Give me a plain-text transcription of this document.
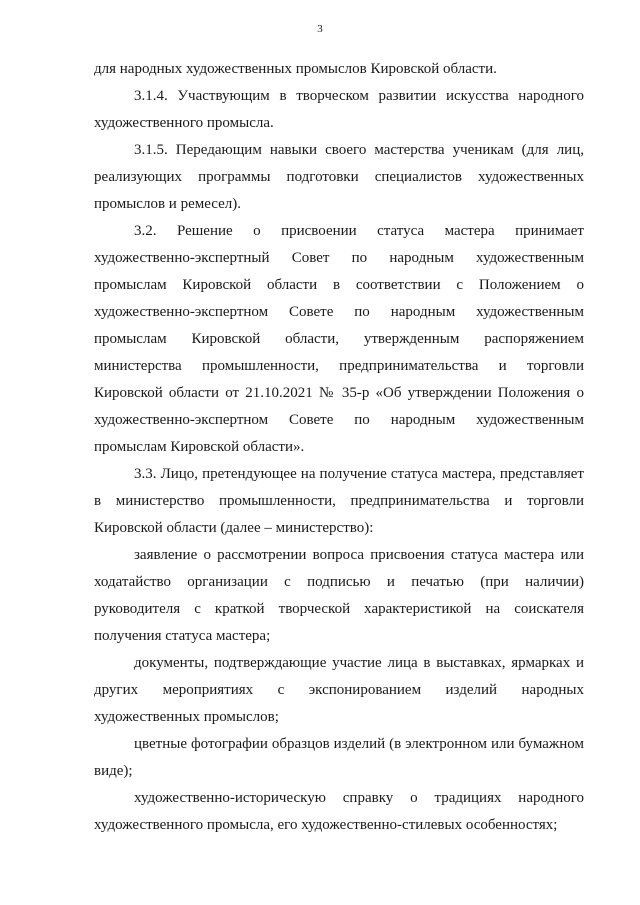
3

для народных художественных промыслов Кировской области.

3.1.4. Участвующим в творческом развитии искусства народного художественного промысла.

3.1.5. Передающим навыки своего мастерства ученикам (для лиц, реализующих программы подготовки специалистов художественных промыслов и ремесел).

3.2. Решение о присвоении статуса мастера принимает художественно-экспертный Совет по народным художественным промыслам Кировской области в соответствии с Положением о художественно-экспертном Совете по народным художественным промыслам Кировской области, утвержденным распоряжением министерства промышленности, предпринимательства и торговли Кировской области от 21.10.2021 № 35-р «Об утверждении Положения о художественно-экспертном Совете по народным художественным промыслам Кировской области».

3.3. Лицо, претендующее на получение статуса мастера, представляет в министерство промышленности, предпринимательства и торговли Кировской области (далее – министерство):

заявление о рассмотрении вопроса присвоения статуса мастера или ходатайство организации с подписью и печатью (при наличии) руководителя с краткой творческой характеристикой на соискателя получения статуса мастера;

документы, подтверждающие участие лица в выставках, ярмарках и других мероприятиях с экспонированием изделий народных художественных промыслов;

цветные фотографии образцов изделий (в электронном или бумажном виде);

художественно-историческую справку о традициях народного художественного промысла, его художественно-стилевых особенностях;
